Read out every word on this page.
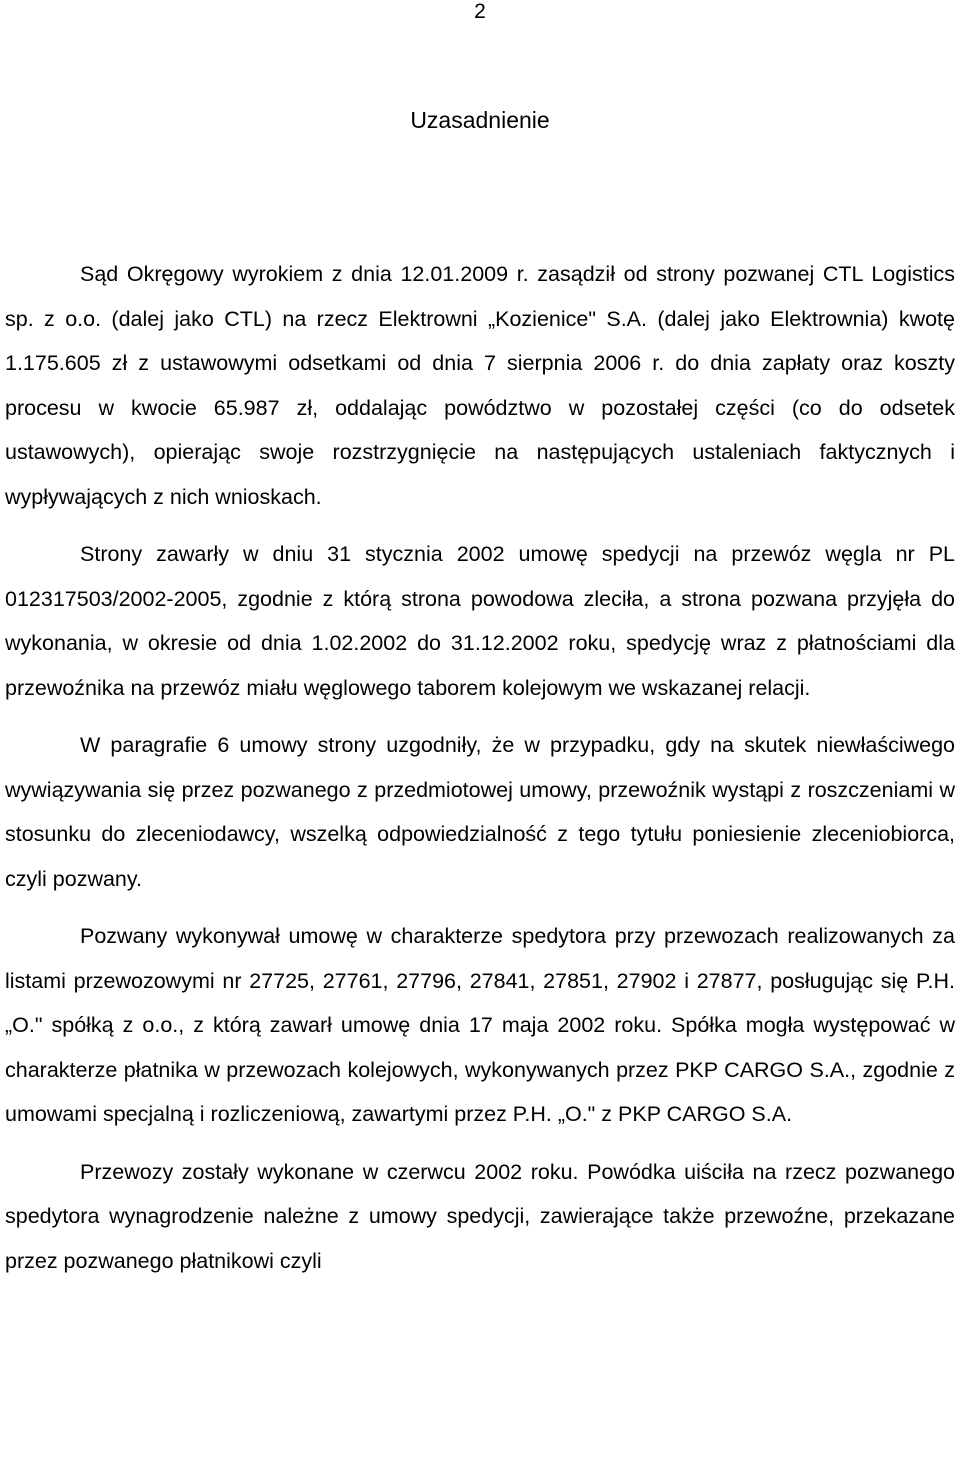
2
Uzasadnienie

Sąd Okręgowy wyrokiem z dnia 12.01.2009 r. zasądził od strony pozwanej CTL Logistics sp. z o.o. (dalej jako CTL) na rzecz Elektrowni „Kozienice" S.A. (dalej jako Elektrownia) kwotę 1.175.605 zł z ustawowymi odsetkami od dnia 7 sierpnia 2006 r. do dnia zapłaty oraz koszty procesu w kwocie 65.987 zł, oddalając powództwo w pozostałej części (co do odsetek ustawowych), opierając swoje rozstrzygnięcie na następujących ustaleniach faktycznych i wypływających z nich wnioskach.

Strony zawarły w dniu 31 stycznia 2002 umowę spedycji na przewóz węgla nr PL 012317503/2002-2005, zgodnie z którą strona powodowa zleciła, a strona pozwana przyjęła do wykonania, w okresie od dnia 1.02.2002 do 31.12.2002 roku, spedycję wraz z płatnościami dla przewoźnika na przewóz miału węglowego taborem kolejowym we wskazanej relacji.

W paragrafie 6 umowy strony uzgodniły, że w przypadku, gdy na skutek niewłaściwego wywiązywania się przez pozwanego z przedmiotowej umowy, przewoźnik wystąpi z roszczeniami w stosunku do zleceniodawcy, wszelką odpowiedzialność z tego tytułu poniesienie zleceniobiorca, czyli pozwany.

Pozwany wykonywał umowę w charakterze spedytora przy przewozach realizowanych za listami przewozowymi nr 27725, 27761, 27796, 27841, 27851, 27902 i 27877, posługując się P.H. „O." spółką z o.o., z którą zawarł umowę dnia 17 maja 2002 roku. Spółka mogła występować w charakterze płatnika w przewozach kolejowych, wykonywanych przez PKP CARGO S.A., zgodnie z umowami specjalną i rozliczeniową, zawartymi przez P.H. „O." z PKP CARGO S.A.

Przewozy zostały wykonane w czerwcu 2002 roku. Powódka uiściła na rzecz pozwanego spedytora wynagrodzenie należne z umowy spedycji, zawierające także przewoźne, przekazane przez pozwanego płatnikowi czyli
